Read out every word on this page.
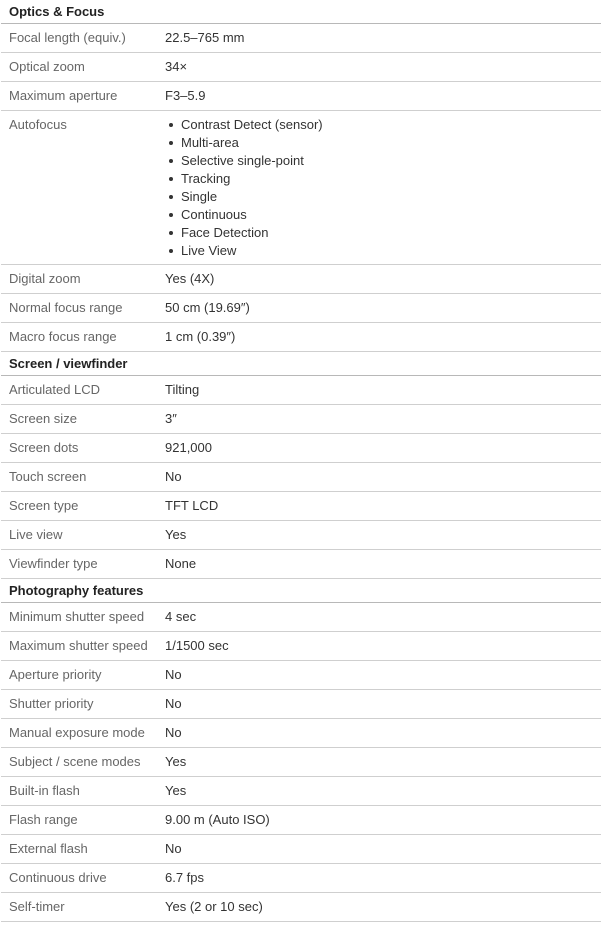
Optics & Focus
Focal length (equiv.)	22.5–765 mm
Optical zoom	34×
Maximum aperture	F3–5.9
Autofocus	Contrast Detect (sensor)
Multi-area
Selective single-point
Tracking
Single
Continuous
Face Detection
Live View
Digital zoom	Yes (4X)
Normal focus range	50 cm (19.69″)
Macro focus range	1 cm (0.39″)
Screen / viewfinder
Articulated LCD	Tilting
Screen size	3″
Screen dots	921,000
Touch screen	No
Screen type	TFT LCD
Live view	Yes
Viewfinder type	None
Photography features
Minimum shutter speed	4 sec
Maximum shutter speed	1/1500 sec
Aperture priority	No
Shutter priority	No
Manual exposure mode	No
Subject / scene modes	Yes
Built-in flash	Yes
Flash range	9.00 m (Auto ISO)
External flash	No
Continuous drive	6.7 fps
Self-timer	Yes (2 or 10 sec)
